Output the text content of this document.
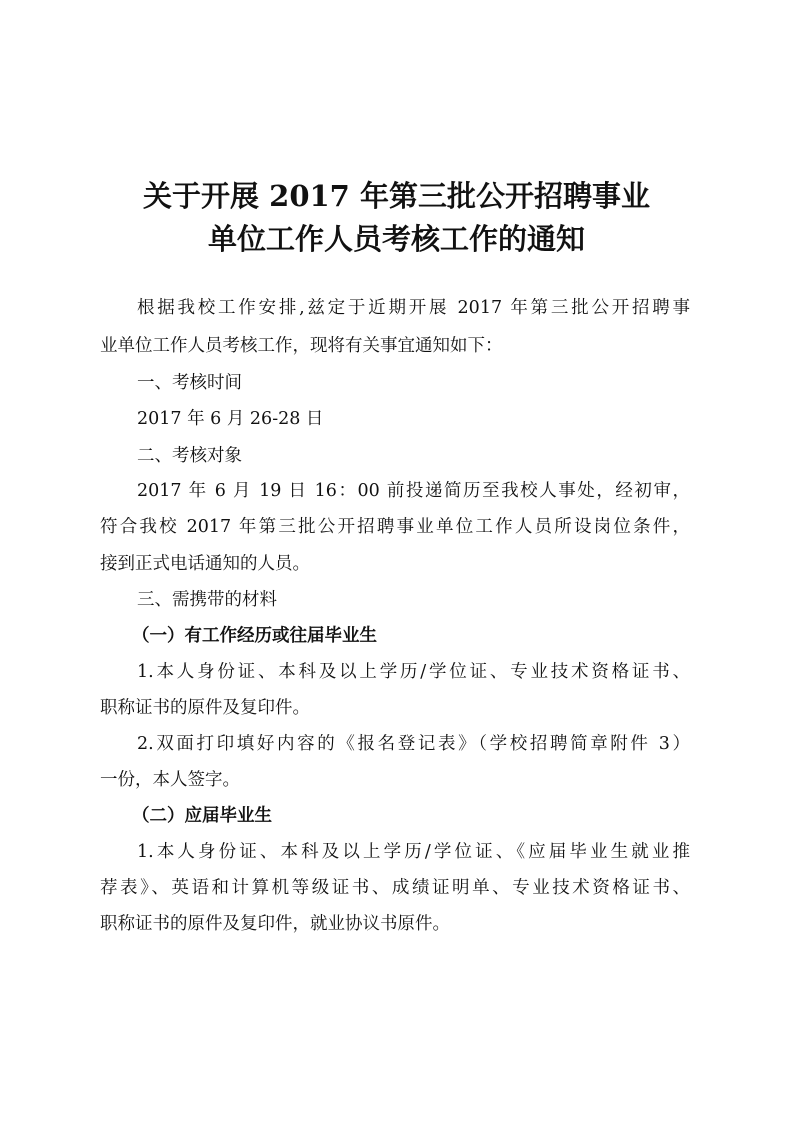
关于开展 2017 年第三批公开招聘事业
单位工作人员考核工作的通知

根据我校工作安排,兹定于近期开展 2017 年第三批公开招聘事

业单位工作人员考核工作，现将有关事宜通知如下：

一、考核时间

2017 年 6 月 26-28 日

二、考核对象

2017 年 6 月 19 日 16：00 前投递简历至我校人事处，经初审，

符合我校 2017 年第三批公开招聘事业单位工作人员所设岗位条件，

接到正式电话通知的人员。

三、需携带的材料

（一）有工作经历或往届毕业生

1.本人身份证、本科及以上学历/学位证、专业技术资格证书、

职称证书的原件及复印件。

2.双面打印填好内容的《报名登记表》（学校招聘简章附件 3）

一份，本人签字。

（二）应届毕业生

1.本人身份证、本科及以上学历/学位证、《应届毕业生就业推

荐表》、英语和计算机等级证书、成绩证明单、专业技术资格证书、

职称证书的原件及复印件，就业协议书原件。
